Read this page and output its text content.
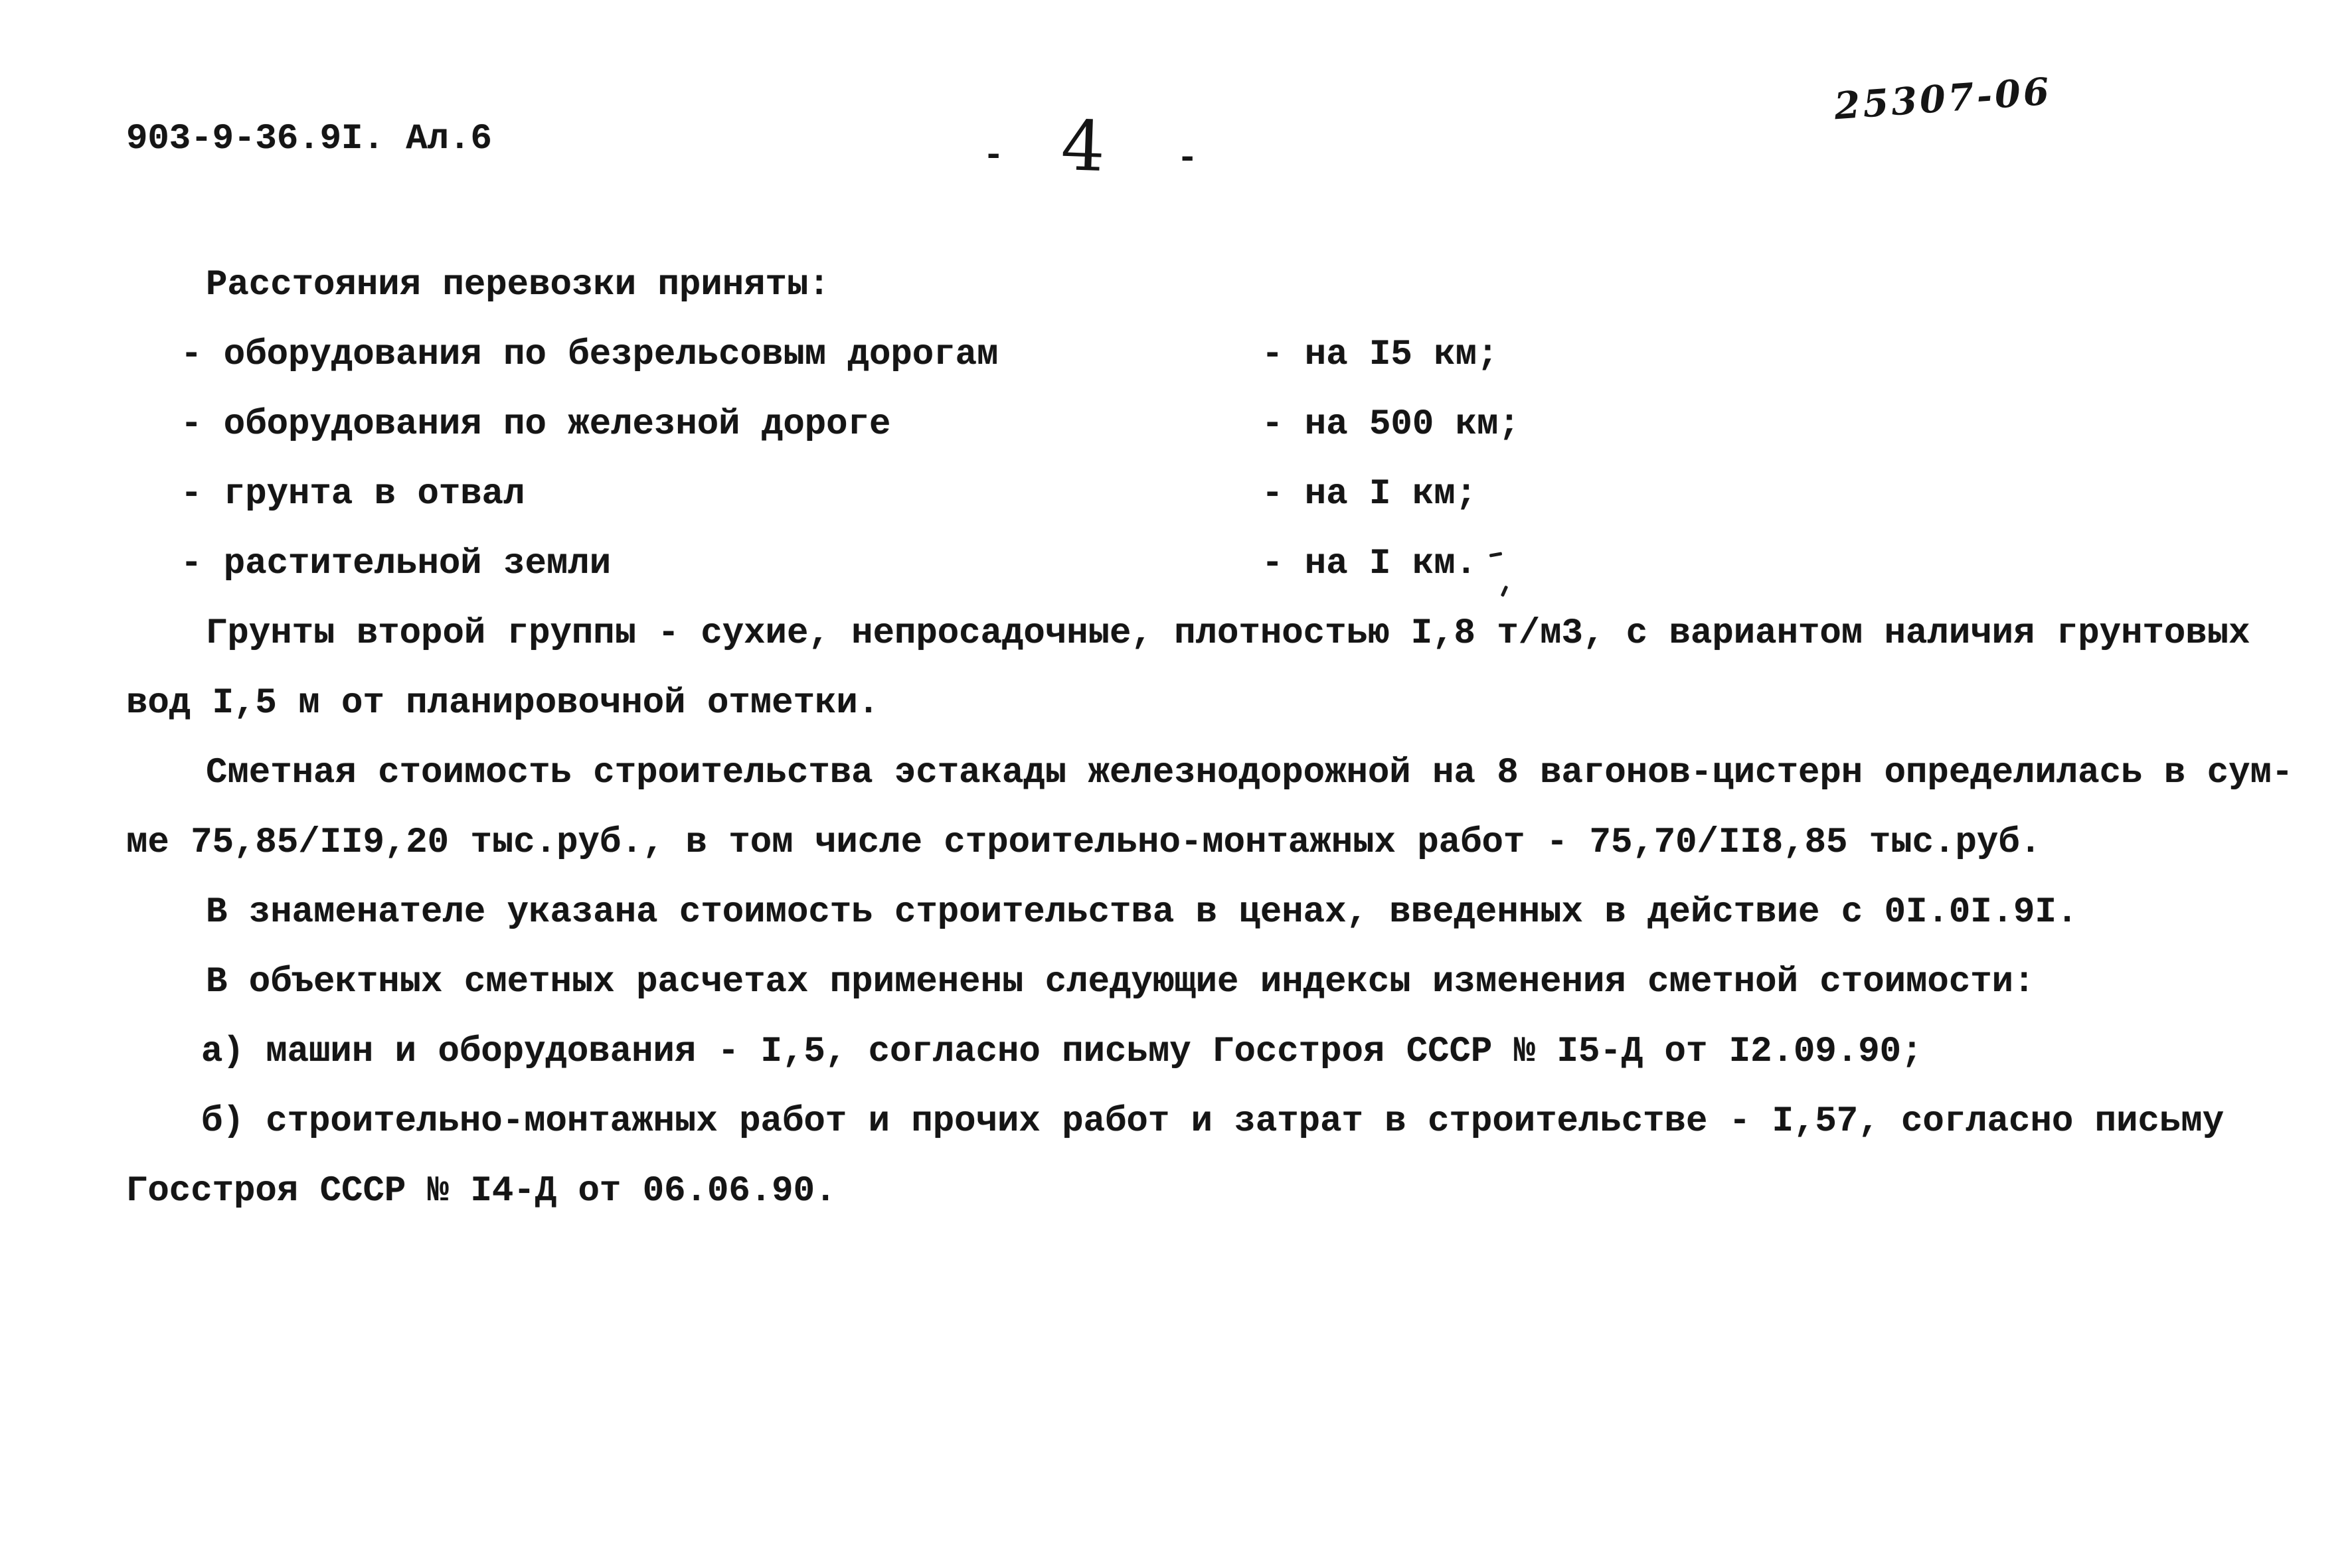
903-9-36.9I. Ал.6	- 4 -
25307-06
Расстояния перевозки приняты:
- оборудования по безрельсовым дорогам	- на I5 км;
- оборудования по железной дороге	- на 500 км;
- грунта в отвал	- на I км;
- растительной земли	- на I км.
Грунты второй группы - сухие, непросадочные, плотностью I,8 т/м3, с вариантом наличия грунтовых
вод I,5 м от планировочной отметки.
Сметная стоимость строительства эстакады железнодорожной на 8 вагонов-цистерн определилась в сум-
ме 75,85/II9,20 тыс.руб., в том числе строительно-монтажных работ - 75,70/II8,85 тыс.руб.
В знаменателе указана стоимость строительства в ценах, введенных в действие с 0I.0I.9I.
В объектных сметных расчетах применены следующие индексы изменения сметной стоимости:
а) машин и оборудования - I,5, согласно письму Госстроя СССР № I5-Д от I2.09.90;
б) строительно-монтажных работ и прочих работ и затрат в строительстве - I,57, согласно письму
Госстроя СССР № I4-Д от 06.06.90.
